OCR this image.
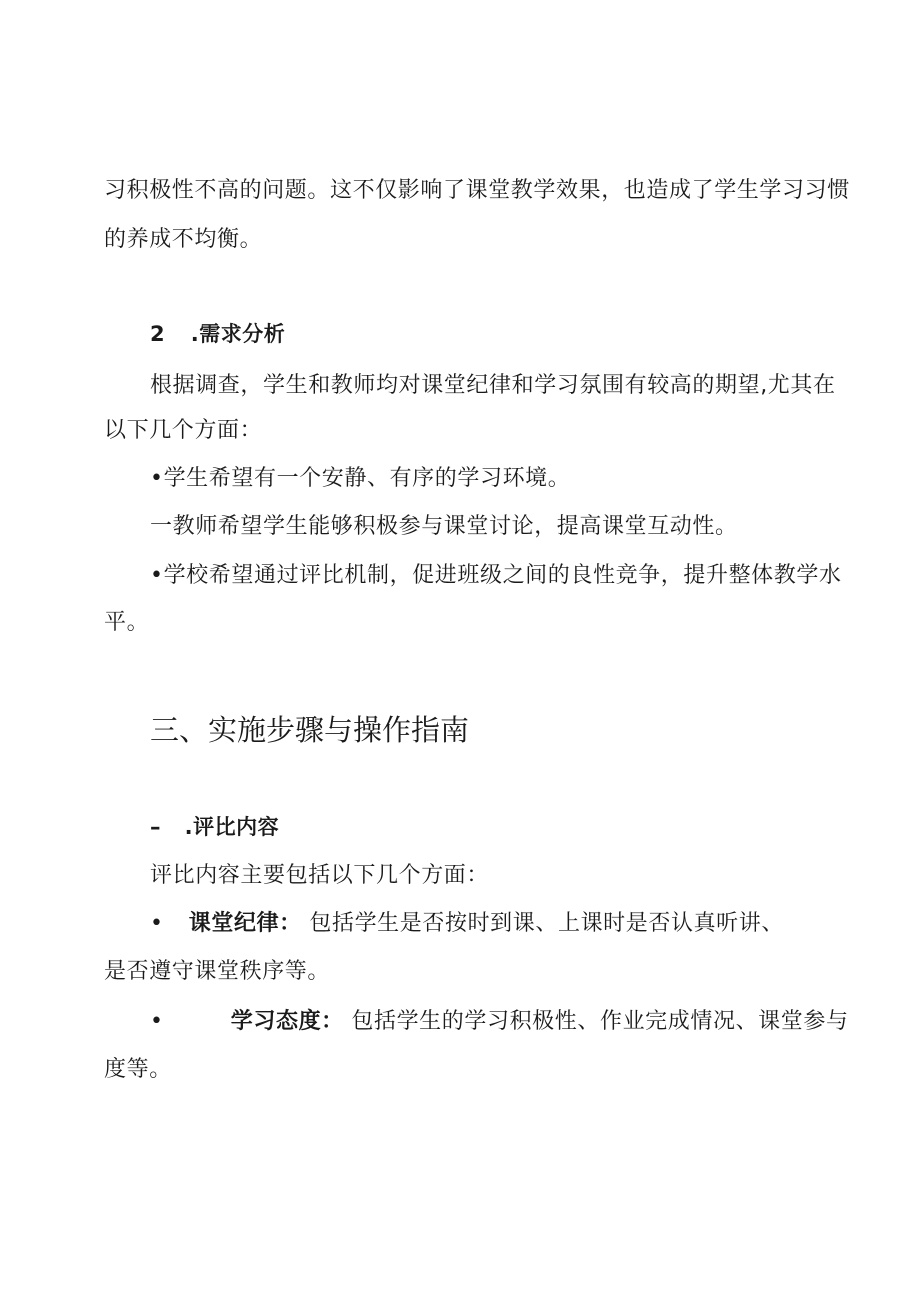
习积极性不高的问题。这不仅影响了课堂教学效果，也造成了学生学习习惯
的养成不均衡。
2 .需求分析
根据调查，学生和教师均对课堂纪律和学习氛围有较高的期望,尤其在
以下几个方面：
•学生希望有一个安静、有序的学习环境。
一教师希望学生能够积极参与课堂讨论，提高课堂互动性。
•学校希望通过评比机制，促进班级之间的良性竞争，提升整体教学水
平。
三、实施步骤与操作指南
– .评比内容
评比内容主要包括以下几个方面：
• 课堂纪律： 包括学生是否按时到课、上课时是否认真听讲、
是否遵守课堂秩序等。
•	学习态度： 包括学生的学习积极性、作业完成情况、课堂参与
度等。
